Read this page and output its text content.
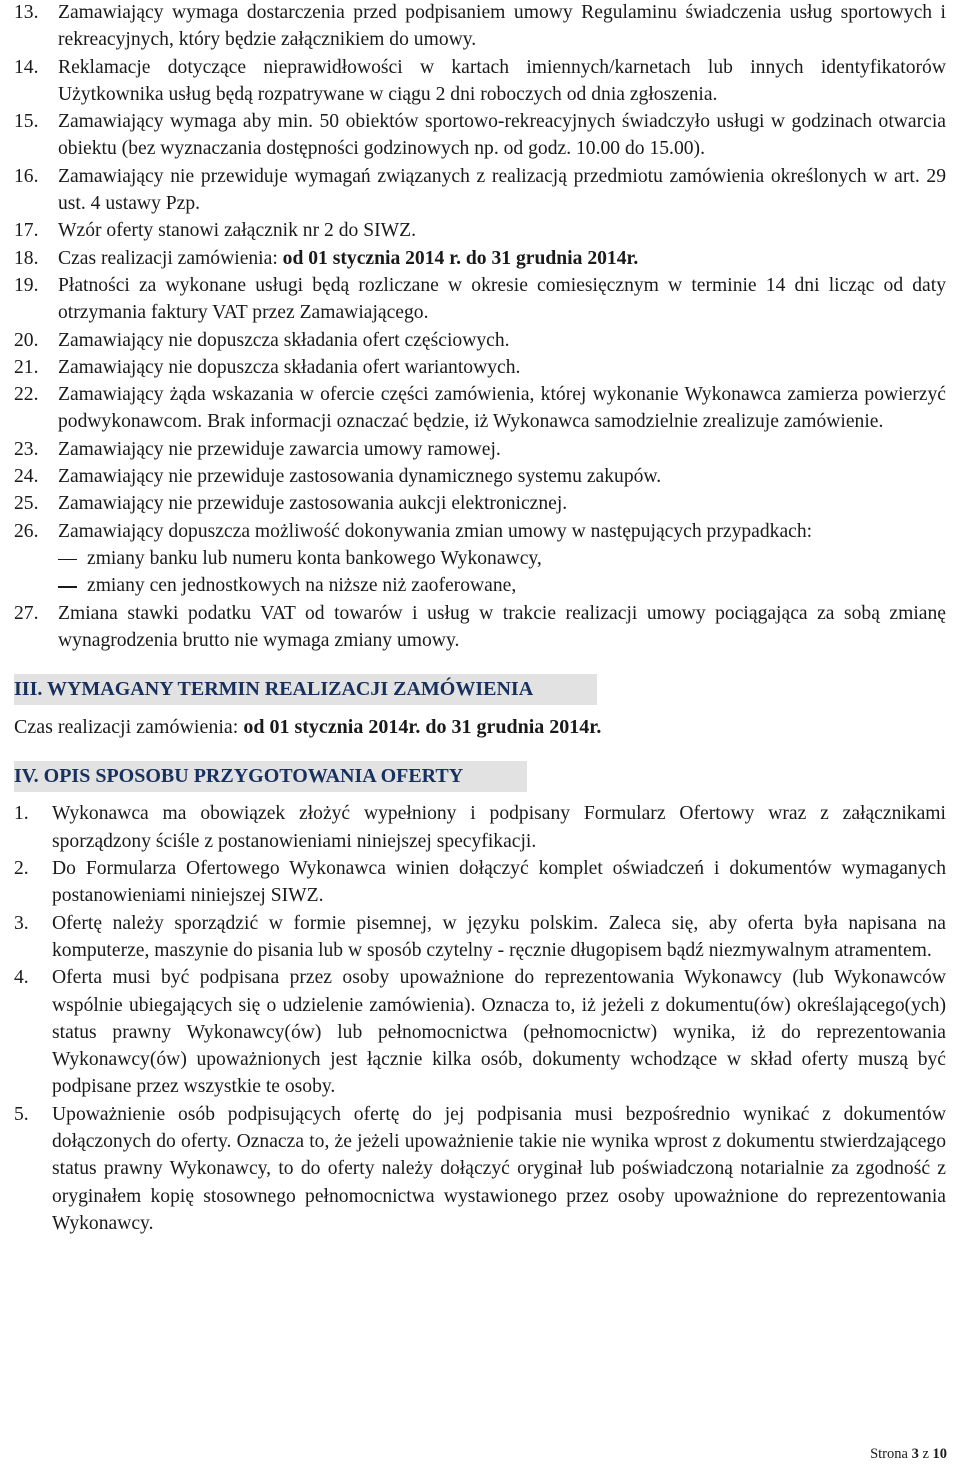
13. Zamawiający wymaga dostarczenia przed podpisaniem umowy Regulaminu świadczenia usług sportowych i rekreacyjnych, który będzie załącznikiem do umowy.
14. Reklamacje dotyczące nieprawidłowości w kartach imiennych/karnetach lub innych identyfikatorów Użytkownika usług będą rozpatrywane w ciągu 2 dni roboczych od dnia zgłoszenia.
15. Zamawiający wymaga aby min. 50 obiektów sportowo-rekreacyjnych świadczyło usługi w godzinach otwarcia obiektu (bez wyznaczania dostępności godzinowych np. od godz. 10.00 do 15.00).
16. Zamawiający nie przewiduje wymagań związanych z realizacją przedmiotu zamówienia określonych w art. 29 ust. 4 ustawy Pzp.
17. Wzór oferty stanowi załącznik nr 2 do SIWZ.
18. Czas realizacji zamówienia: od 01 stycznia 2014 r. do 31 grudnia 2014r.
19. Płatności za wykonane usługi będą rozliczane w okresie comiesięcznym w terminie 14 dni licząc od daty otrzymania faktury VAT przez Zamawiającego.
20. Zamawiający nie dopuszcza składania ofert częściowych.
21. Zamawiający nie dopuszcza składania ofert wariantowych.
22. Zamawiający żąda wskazania w ofercie części zamówienia, której wykonanie Wykonawca zamierza powierzyć podwykonawcom. Brak informacji oznaczać będzie, iż Wykonawca samodzielnie zrealizuje zamówienie.
23. Zamawiający nie przewiduje zawarcia umowy ramowej.
24. Zamawiający nie przewiduje zastosowania dynamicznego systemu zakupów.
25. Zamawiający nie przewiduje zastosowania aukcji elektronicznej.
26. Zamawiający dopuszcza możliwość dokonywania zmian umowy w następujących przypadkach:
zmiany banku lub numeru konta bankowego Wykonawcy,
zmiany cen jednostkowych na niższe niż zaoferowane,
27. Zmiana stawki podatku VAT od towarów i usług w trakcie realizacji umowy pociągająca za sobą zmianę wynagrodzenia brutto nie wymaga zmiany umowy.
III. WYMAGANY TERMIN REALIZACJI ZAMÓWIENIA
Czas realizacji zamówienia: od 01 stycznia 2014r. do 31 grudnia 2014r.
IV. OPIS SPOSOBU PRZYGOTOWANIA OFERTY
1.	Wykonawca ma obowiązek złożyć wypełniony i podpisany Formularz Ofertowy wraz z załącznikami sporządzony ściśle z postanowieniami niniejszej specyfikacji.
2.	Do Formularza Ofertowego Wykonawca winien dołączyć komplet oświadczeń i dokumentów wymaganych postanowieniami niniejszej SIWZ.
3.	Ofertę należy sporządzić w formie pisemnej, w języku polskim. Zaleca się, aby oferta była napisana na komputerze, maszynie do pisania lub w sposób czytelny - ręcznie długopisem bądź niezmywalnym atramentem.
4.	Oferta musi być podpisana przez osoby upoważnione do reprezentowania Wykonawcy (lub Wykonawców wspólnie ubiegających się o udzielenie zamówienia). Oznacza to, iż jeżeli z dokumentu(ów) określającego(ych) status prawny Wykonawcy(ów) lub pełnomocnictwa (pełnomocnictw) wynika, iż do reprezentowania Wykonawcy(ów) upoważnionych jest łącznie kilka osób, dokumenty wchodzące w skład oferty muszą być podpisane przez wszystkie te osoby.
5.	Upoważnienie osób podpisujących ofertę do jej podpisania musi bezpośrednio wynikać z dokumentów dołączonych do oferty. Oznacza to, że jeżeli upoważnienie takie nie wynika wprost z dokumentu stwierdzającego status prawny Wykonawcy, to do oferty należy dołączyć oryginał lub poświadczoną notarialnie za zgodność z oryginałem kopię stosownego pełnomocnictwa wystawionego przez osoby upoważnione do reprezentowania Wykonawcy.
Strona 3 z 10
